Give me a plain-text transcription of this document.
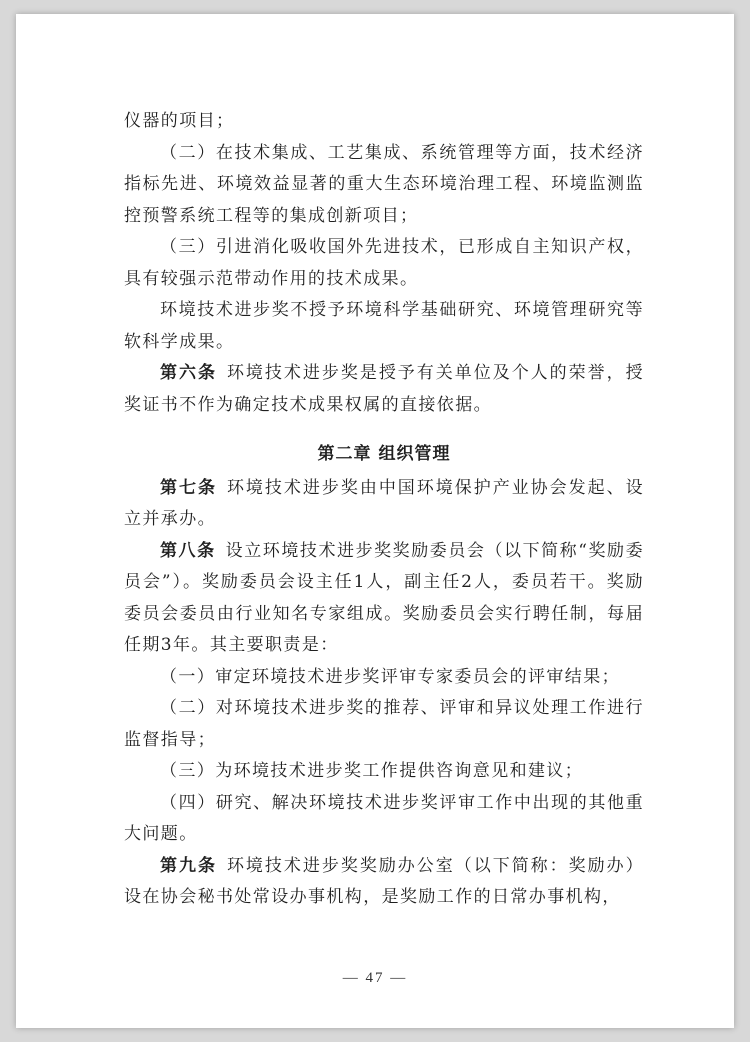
仪器的项目；

（二）在技术集成、工艺集成、系统管理等方面，技术经济指标先进、环境效益显著的重大生态环境治理工程、环境监测监控预警系统工程等的集成创新项目；

（三）引进消化吸收国外先进技术，已形成自主知识产权，具有较强示范带动作用的技术成果。

环境技术进步奖不授予环境科学基础研究、环境管理研究等软科学成果。

第六条 环境技术进步奖是授予有关单位及个人的荣誉，授奖证书不作为确定技术成果权属的直接依据。

第二章 组织管理

第七条 环境技术进步奖由中国环境保护产业协会发起、设立并承办。

第八条 设立环境技术进步奖奖励委员会（以下简称“奖励委员会”）。奖励委员会设主任1人，副主任2人，委员若干。奖励委员会委员由行业知名专家组成。奖励委员会实行聘任制，每届任期3年。其主要职责是：

（一）审定环境技术进步奖评审专家委员会的评审结果；

（二）对环境技术进步奖的推荐、评审和异议处理工作进行监督指导；

（三）为环境技术进步奖工作提供咨询意见和建议；

（四）研究、解决环境技术进步奖评审工作中出现的其他重大问题。

第九条 环境技术进步奖奖励办公室（以下简称：奖励办）设在协会秘书处常设办事机构，是奖励工作的日常办事机构，

— 47 —
